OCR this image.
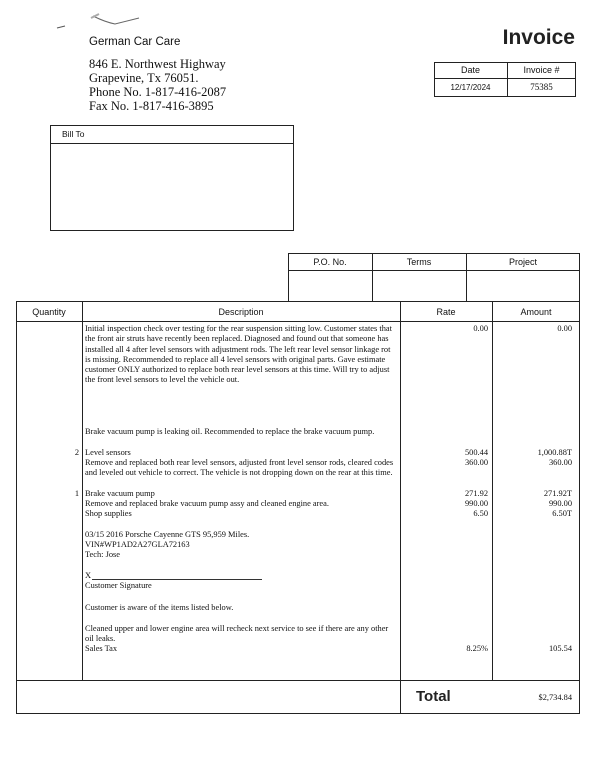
Invoice
German Car Care
846 E. Northwest Highway
Grapevine, Tx 76051.
Phone No. 1-817-416-2087
Fax No. 1-817-416-3895
Date	Invoice #
12/17/2024	75385
Bill To
P.O. No.	Terms	Project
Quantity	Description	Rate	Amount
Initial inspection check over testing for the rear suspension sitting low. Customer states that the front air struts have recently been replaced. Diagnosed and found out that someone has installed all 4 after level sensors with adjustment rods. The left rear level sensor linkage rot is missing. Recommended to replace all 4 level sensors with original parts. Gave estimate customer ONLY authorized to replace both rear level sensors at this time. Will try to adjust the front level sensors to level the vehicle out.
0.00	0.00
Brake vacuum pump is leaking oil. Recommended to replace the brake vacuum pump.
2 Level sensors	500.44	1,000.88T
Remove and replaced both rear level sensors, adjusted front level sensor rods, cleared codes and leveled out vehicle to correct. The vehicle is not dropping down on the rear at this time.
360.00	360.00
1 Brake vacuum pump	271.92	271.92T
Remove and replaced brake vacuum pump assy and cleaned engine area.	990.00	990.00
Shop supplies	6.50	6.50T
03/15 2016 Porsche Cayenne GTS 95,959 Miles.
VIN#WP1AD2A27GLA72163
Tech: Jose
X
Customer Signature
Customer is aware of the items listed below.
Cleaned upper and lower engine area will recheck next service to see if there are any other oil leaks.
Sales Tax	8.25%	105.54
Total	$2,734.84
